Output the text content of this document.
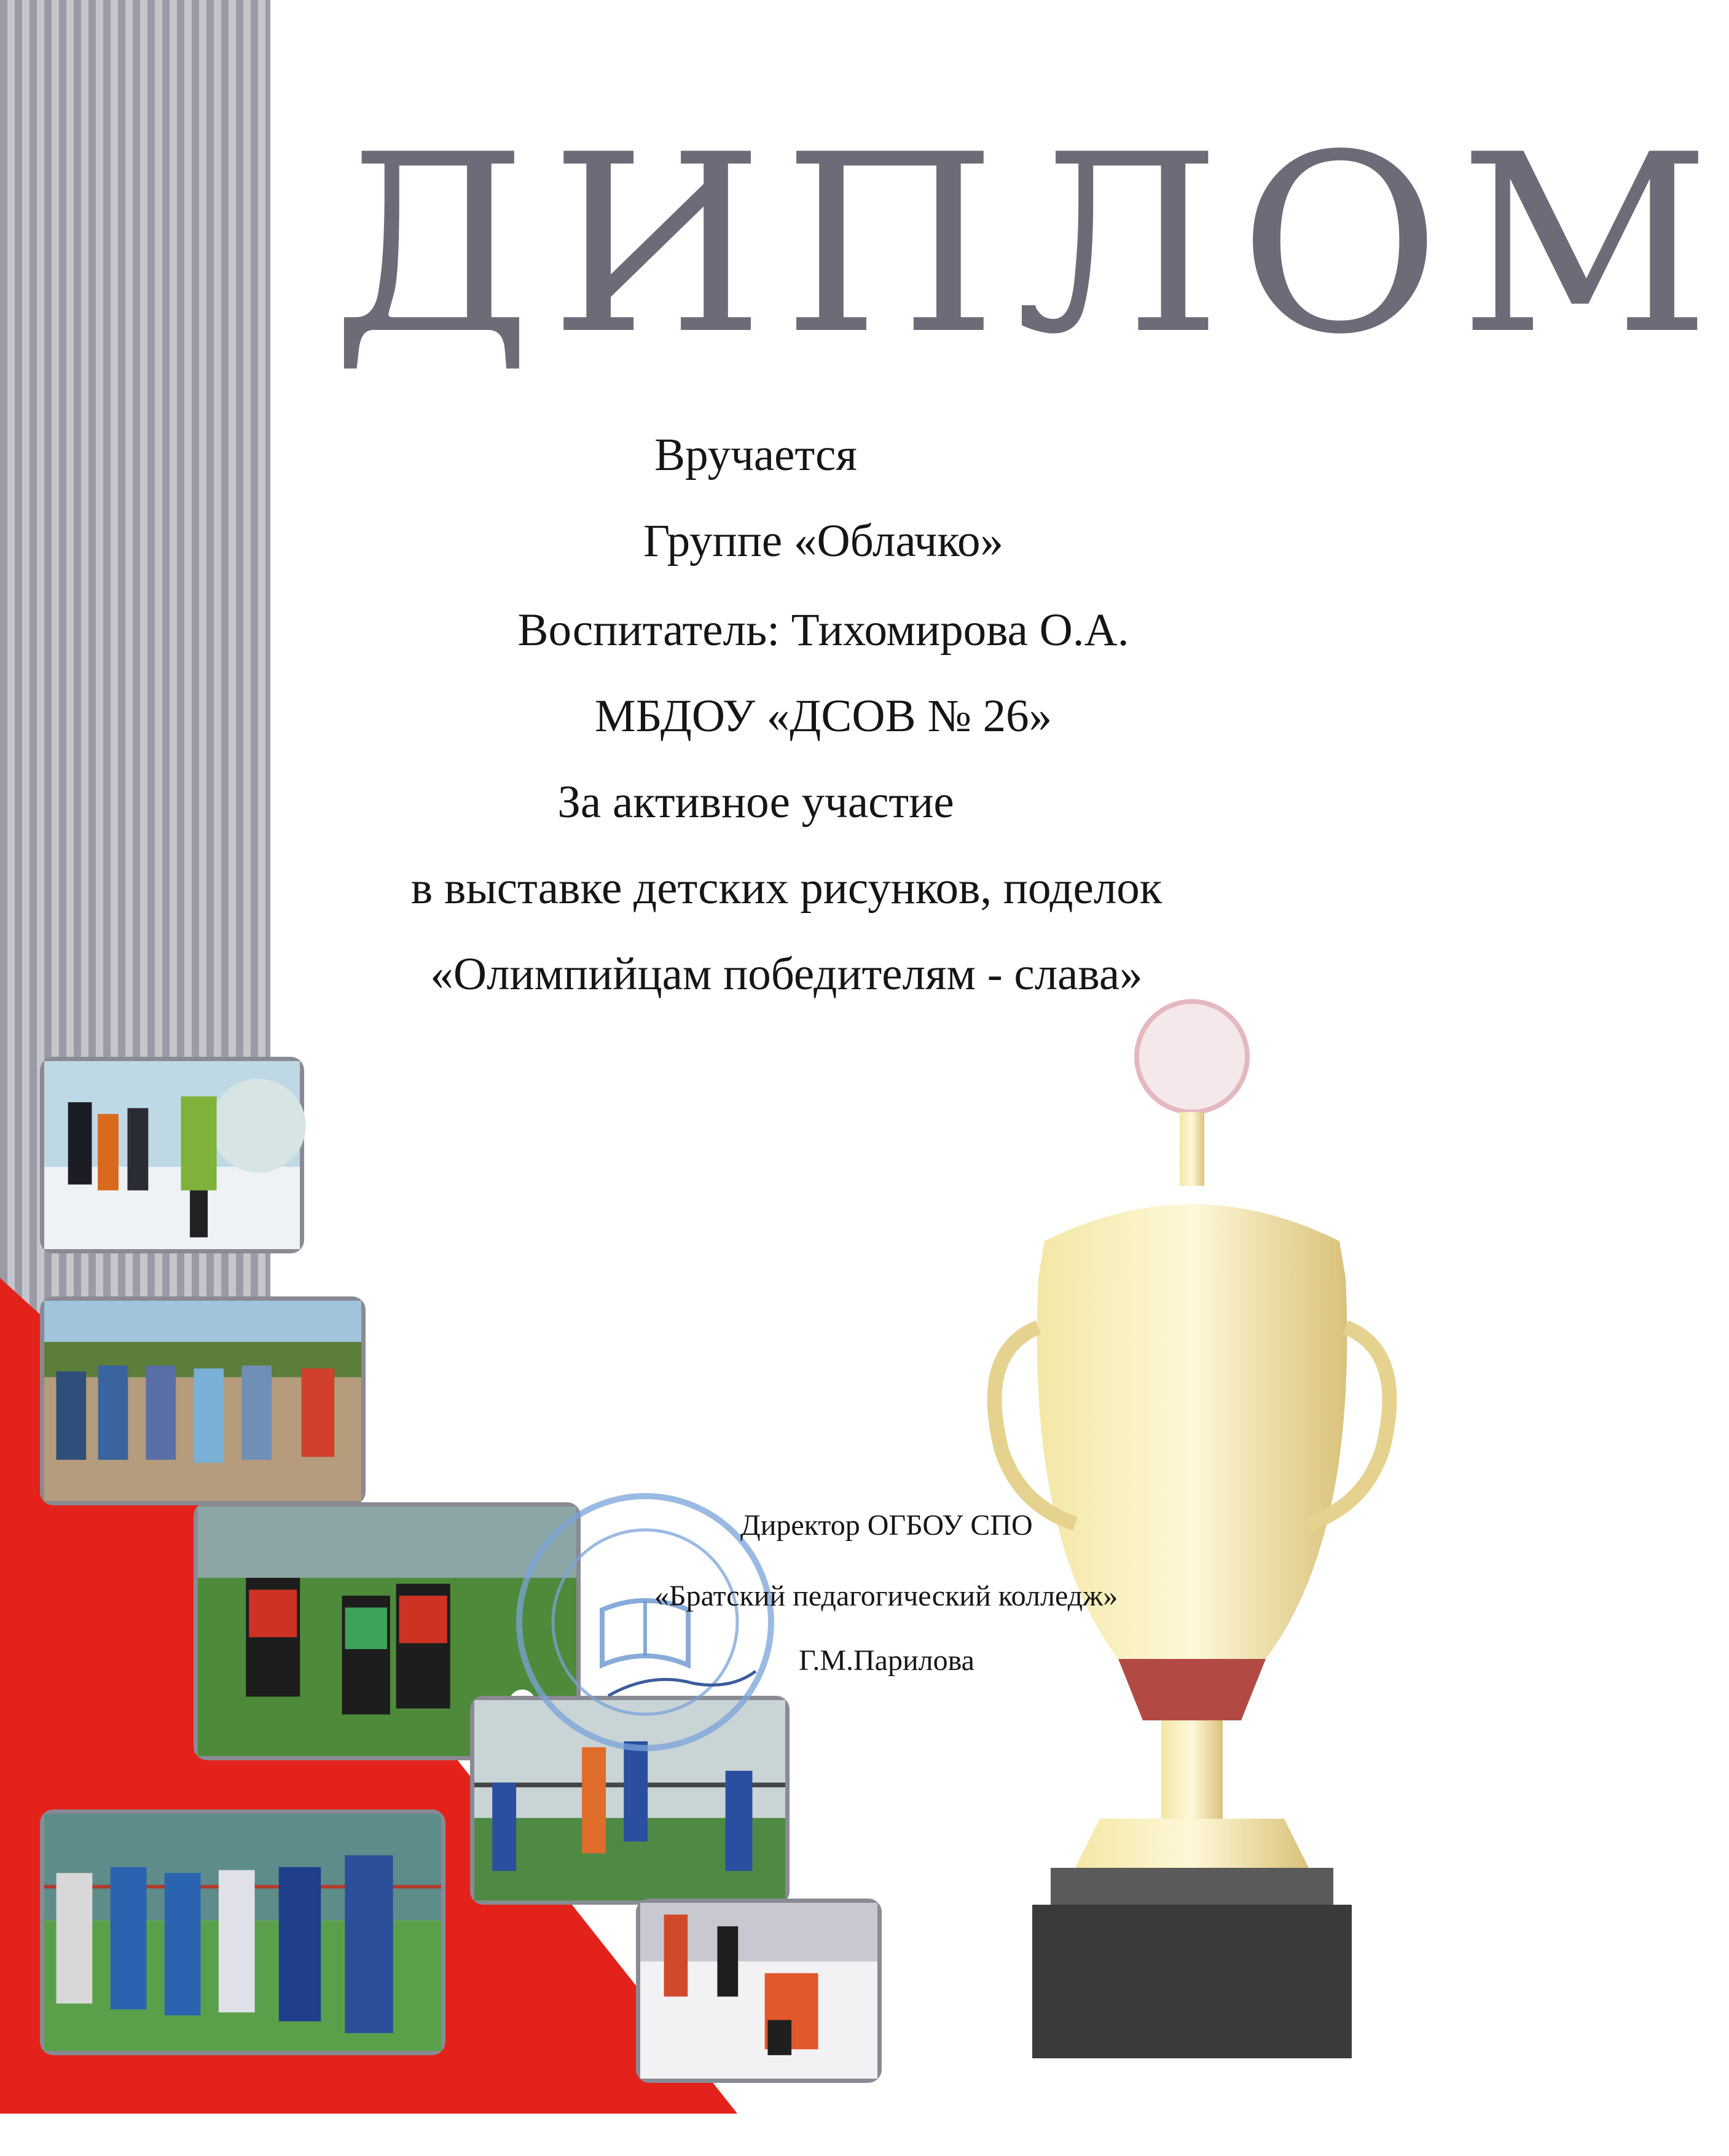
ДИПЛОМ
Вручается
Группе «Облачко»
Воспитатель: Тихомирова О.А.
МБДОУ «ДСОВ № 26»
За активное участие
в выставке детских рисунков, поделок
«Олимпийцам победителям - слава»
Директор ОГБОУ СПО
«Братский педагогический колледж»
Г.М.Парилова
